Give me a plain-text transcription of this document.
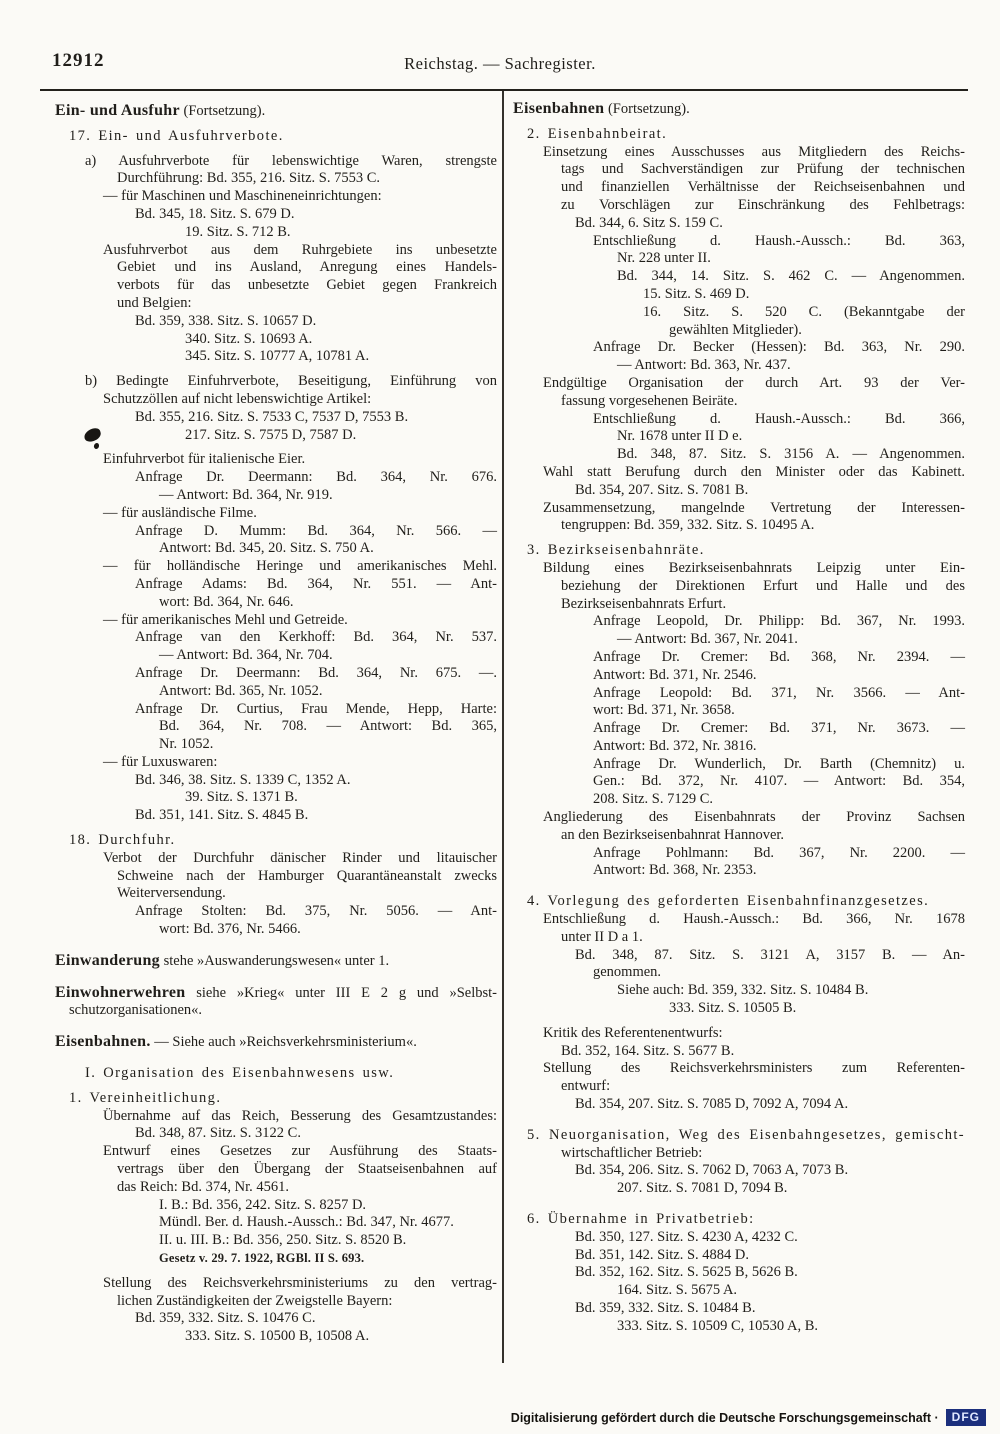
12912	Reichstag. — Sachregister.
Ein- und Ausfuhr (Fortsetzung).
17. Ein- und Ausfuhrverbote.
a) Ausfuhrverbote für lebenswichtige Waren, strengste
Durchführung: Bd. 355, 216. Sitz. S. 7553 C.
— für Maschinen und Maschineneinrichtungen:
Bd. 345, 18. Sitz. S. 679 D.
19. Sitz. S. 712 B.
Ausfuhrverbot aus dem Ruhrgebiete ins unbesetzte
Gebiet und ins Ausland, Anregung eines Handels-
verbots für das unbesetzte Gebiet gegen Frankreich
und Belgien:
Bd. 359, 338. Sitz. S. 10657 D.
340. Sitz. S. 10693 A.
345. Sitz. S. 10777 A, 10781 A.
b) Bedingte Einfuhrverbote, Beseitigung, Einführung von
Schutzzöllen auf nicht lebenswichtige Artikel:
Bd. 355, 216. Sitz. S. 7533 C, 7537 D, 7553 B.
217. Sitz. S. 7575 D, 7587 D.
Einfuhrverbot für italienische Eier.
Anfrage Dr. Deermann: Bd. 364, Nr. 676.
— Antwort: Bd. 364, Nr. 919.
— für ausländische Filme.
Anfrage D. Mumm: Bd. 364, Nr. 566. —
Antwort: Bd. 345, 20. Sitz. S. 750 A.
— für holländische Heringe und amerikanisches Mehl.
Anfrage Adams: Bd. 364, Nr. 551. — Ant-
wort: Bd. 364, Nr. 646.
— für amerikanisches Mehl und Getreide.
Anfrage van den Kerkhoff: Bd. 364, Nr. 537.
— Antwort: Bd. 364, Nr. 704.
Anfrage Dr. Deermann: Bd. 364, Nr. 675. —.
Antwort: Bd. 365, Nr. 1052.
Anfrage Dr. Curtius, Frau Mende, Hepp, Harte:
Bd. 364, Nr. 708. — Antwort: Bd. 365,
Nr. 1052.
— für Luxuswaren:
Bd. 346, 38. Sitz. S. 1339 C, 1352 A.
39. Sitz. S. 1371 B.
Bd. 351, 141. Sitz. S. 4845 B.
18. Durchfuhr.
Verbot der Durchfuhr dänischer Rinder und litauischer
Schweine nach der Hamburger Quarantäneanstalt zwecks
Weiterversendung.
Anfrage Stolten: Bd. 375, Nr. 5056. — Ant-
wort: Bd. 376, Nr. 5466.
Einwanderung stehe »Auswanderungswesen« unter 1.
Einwohnerwehren siehe »Krieg« unter III E 2 g und »Selbst-
schutzorganisationen«.
Eisenbahnen. — Siehe auch »Reichsverkehrsministerium«.
I. Organisation des Eisenbahnwesens usw.
1. Vereinheitlichung.
Übernahme auf das Reich, Besserung des Gesamtzustandes:
Bd. 348, 87. Sitz. S. 3122 C.
Entwurf eines Gesetzes zur Ausführung des Staats-
vertrags über den Übergang der Staatseisenbahnen auf
das Reich: Bd. 374, Nr. 4561.
I. B.: Bd. 356, 242. Sitz. S. 8257 D.
Mündl. Ber. d. Haush.-Aussch.: Bd. 347, Nr. 4677.
II. u. III. B.: Bd. 356, 250. Sitz. S. 8520 B.
Gesetz v. 29. 7. 1922, RGBl. II S. 693.
Stellung des Reichsverkehrsministeriums zu den vertrag-
lichen Zuständigkeiten der Zweigstelle Bayern:
Bd. 359, 332. Sitz. S. 10476 C.
333. Sitz. S. 10500 B, 10508 A.
Eisenbahnen (Fortsetzung).
2. Eisenbahnbeirat.
Einsetzung eines Ausschusses aus Mitgliedern des Reichs-
tags und Sachverständigen zur Prüfung der technischen
und finanziellen Verhältnisse der Reichseisenbahnen und
zu Vorschlägen zur Einschränkung des Fehlbetrags:
Bd. 344, 6. Sitz S. 159 C.
Entschließung d. Haush.-Aussch.: Bd. 363,
Nr. 228 unter II.
Bd. 344, 14. Sitz. S. 462 C. — Angenommen.
15. Sitz. S. 469 D.
16. Sitz. S. 520 C. (Bekanntgabe der
gewählten Mitglieder).
Anfrage Dr. Becker (Hessen): Bd. 363, Nr. 290.
— Antwort: Bd. 363, Nr. 437.
Endgültige Organisation der durch Art. 93 der Ver-
fassung vorgesehenen Beiräte.
Entschließung d. Haush.-Aussch.: Bd. 366,
Nr. 1678 unter II D e.
Bd. 348, 87. Sitz. S. 3156 A. — Angenommen.
Wahl statt Berufung durch den Minister oder das Kabinett.
Bd. 354, 207. Sitz. S. 7081 B.
Zusammensetzung, mangelnde Vertretung der Interessen-
tengruppen: Bd. 359, 332. Sitz. S. 10495 A.
3. Bezirkseisenbahnräte.
Bildung eines Bezirkseisenbahnrats Leipzig unter Ein-
beziehung der Direktionen Erfurt und Halle und des
Bezirkseisenbahnrats Erfurt.
Anfrage Leopold, Dr. Philipp: Bd. 367, Nr. 1993.
— Antwort: Bd. 367, Nr. 2041.
Anfrage Dr. Cremer: Bd. 368, Nr. 2394. —
Antwort: Bd. 371, Nr. 2546.
Anfrage Leopold: Bd. 371, Nr. 3566. — Ant-
wort: Bd. 371, Nr. 3658.
Anfrage Dr. Cremer: Bd. 371, Nr. 3673. —
Antwort: Bd. 372, Nr. 3816.
Anfrage Dr. Wunderlich, Dr. Barth (Chemnitz) u.
Gen.: Bd. 372, Nr. 4107. — Antwort: Bd. 354,
208. Sitz. S. 7129 C.
Angliederung des Eisenbahnrats der Provinz Sachsen
an den Bezirkseisenbahnrat Hannover.
Anfrage Pohlmann: Bd. 367, Nr. 2200. —
Antwort: Bd. 368, Nr. 2353.
4. Vorlegung des geforderten Eisenbahnfinanzgesetzes.
Entschließung d. Haush.-Aussch.: Bd. 366, Nr. 1678
unter II D a 1.
Bd. 348, 87. Sitz. S. 3121 A, 3157 B. — An-
genommen.
Siehe auch: Bd. 359, 332. Sitz. S. 10484 B.
333. Sitz. S. 10505 B.
Kritik des Referentenentwurfs:
Bd. 352, 164. Sitz. S. 5677 B.
Stellung des Reichsverkehrsministers zum Referenten-
entwurf:
Bd. 354, 207. Sitz. S. 7085 D, 7092 A, 7094 A.
5. Neuorganisation, Weg des Eisenbahngesetzes, gemischt-
wirtschaftlicher Betrieb:
Bd. 354, 206. Sitz. S. 7062 D, 7063 A, 7073 B.
207. Sitz. S. 7081 D, 7094 B.
6. Übernahme in Privatbetrieb:
Bd. 350, 127. Sitz. S. 4230 A, 4232 C.
Bd. 351, 142. Sitz. S. 4884 D.
Bd. 352, 162. Sitz. S. 5625 B, 5626 B.
164. Sitz. S. 5675 A.
Bd. 359, 332. Sitz. S. 10484 B.
333. Sitz. S. 10509 C, 10530 A, B.
Digitalisierung gefördert durch die Deutsche Forschungsgemeinschaft ·	DFG
